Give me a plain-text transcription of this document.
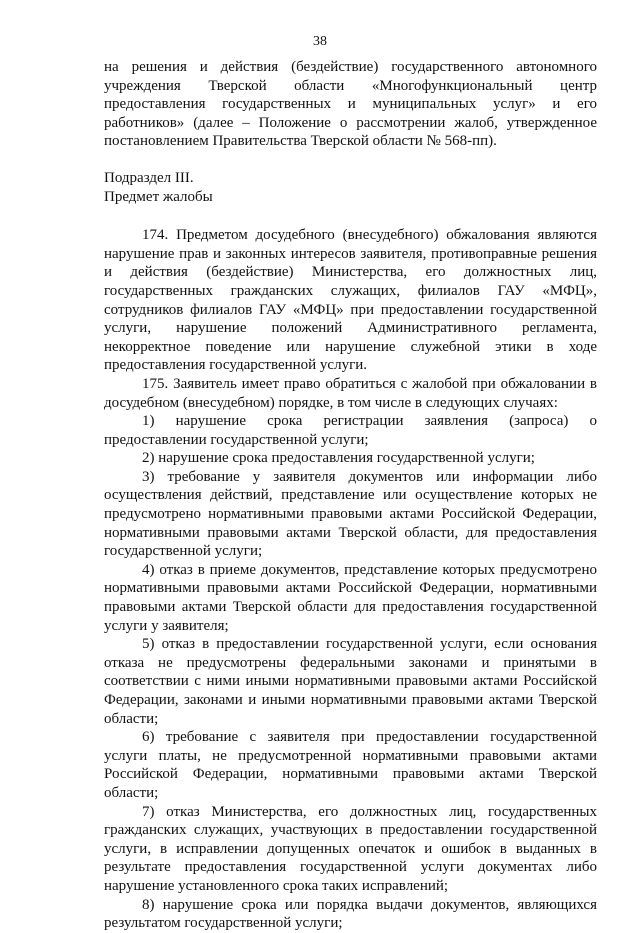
38

на решения и действия (бездействие) государственного автономного учреждения Тверской области «Многофункциональный центр предоставления государственных и муниципальных услуг» и его работников» (далее – Положение о рассмотрении жалоб, утвержденное постановлением Правительства Тверской области № 568-пп).

Подраздел III.

Предмет жалобы

174. Предметом досудебного (внесудебного) обжалования являются нарушение прав и законных интересов заявителя, противоправные решения и действия (бездействие) Министерства, его должностных лиц, государственных гражданских служащих, филиалов ГАУ «МФЦ», сотрудников филиалов ГАУ «МФЦ» при предоставлении государственной услуги, нарушение положений Административного регламента, некорректное поведение или нарушение служебной этики в ходе предоставления государственной услуги.

175. Заявитель имеет право обратиться с жалобой при обжаловании в досудебном (внесудебном) порядке, в том числе в следующих случаях:

1) нарушение срока регистрации заявления (запроса) о предоставлении государственной услуги;

2) нарушение срока предоставления государственной услуги;

3) требование у заявителя документов или информации либо осуществления действий, представление или осуществление которых не предусмотрено нормативными правовыми актами Российской Федерации, нормативными правовыми актами Тверской области, для предоставления государственной услуги;

4) отказ в приеме документов, представление которых предусмотрено нормативными правовыми актами Российской Федерации, нормативными правовыми актами Тверской области для предоставления государственной услуги у заявителя;

5) отказ в предоставлении государственной услуги, если основания отказа не предусмотрены федеральными законами и принятыми в соответствии с ними иными нормативными правовыми актами Российской Федерации, законами и иными нормативными правовыми актами Тверской области;

6) требование с заявителя при предоставлении государственной услуги платы, не предусмотренной нормативными правовыми актами Российской Федерации, нормативными правовыми актами Тверской области;

7) отказ Министерства, его должностных лиц, государственных гражданских служащих, участвующих в предоставлении государственной услуги, в исправлении допущенных опечаток и ошибок в выданных в результате предоставления государственной услуги документах либо нарушение установленного срока таких исправлений;

8) нарушение срока или порядка выдачи документов, являющихся результатом государственной услуги;
